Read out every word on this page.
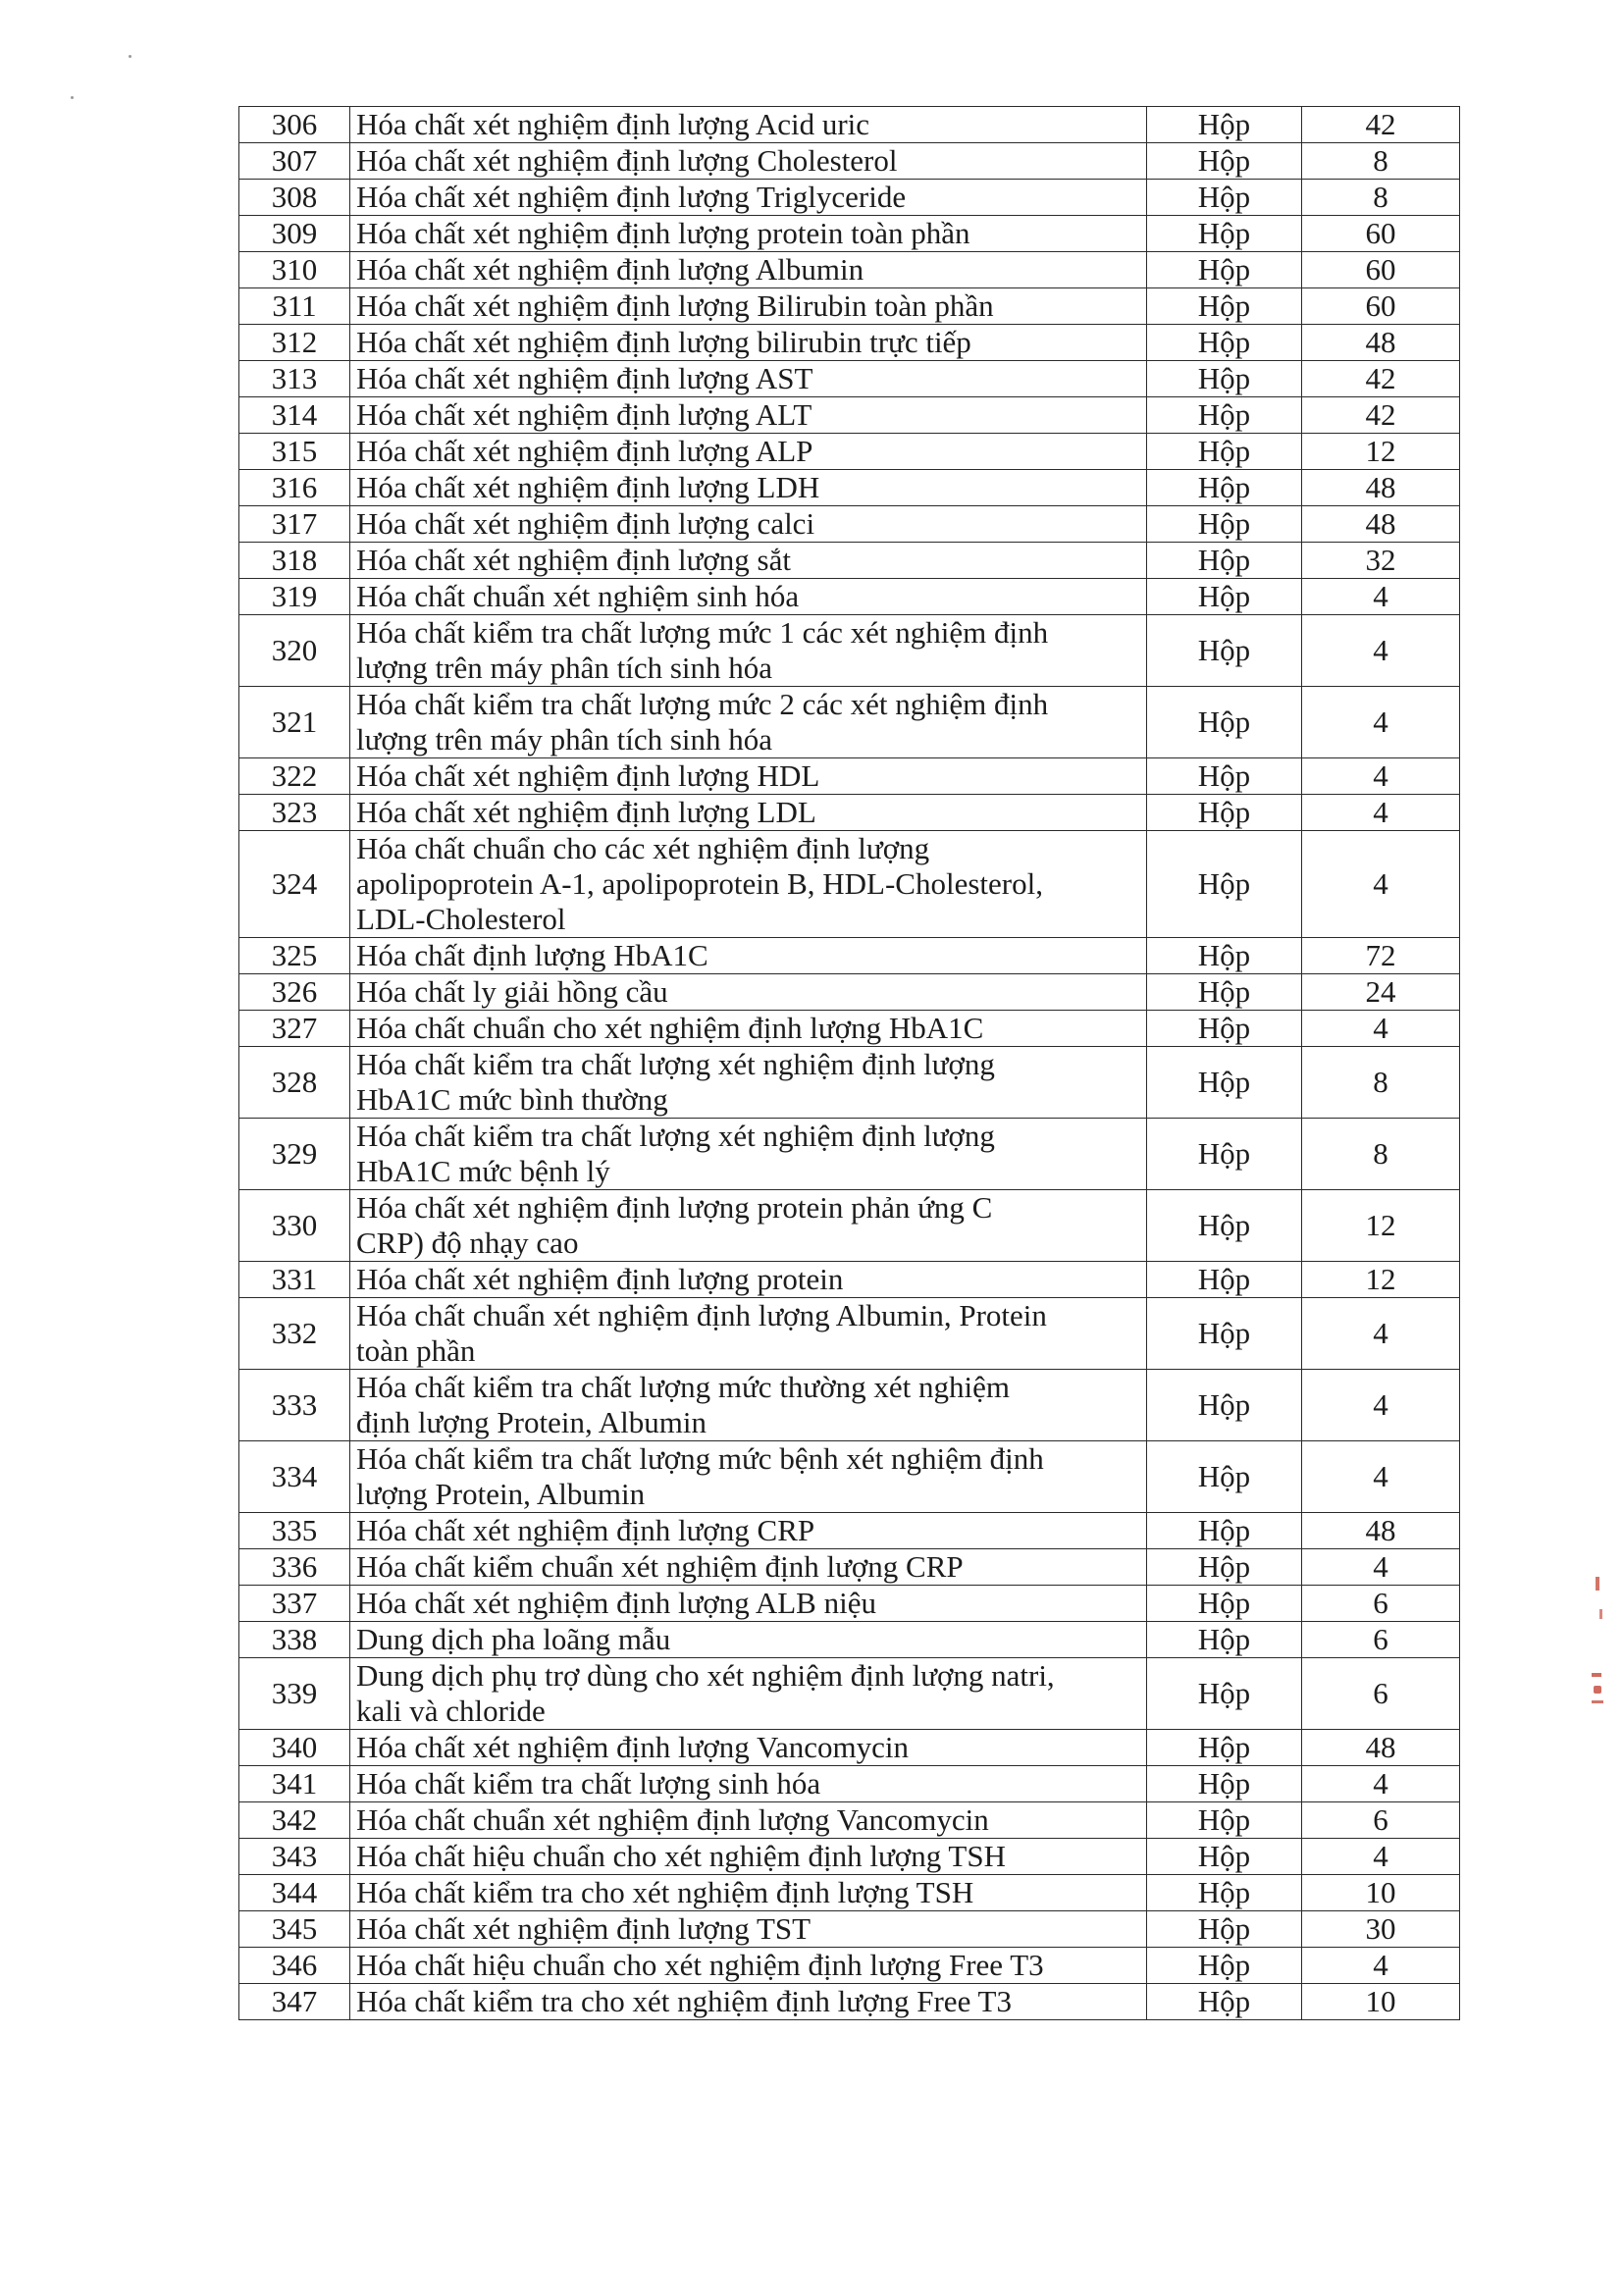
306	Hóa chất xét nghiệm định lượng Acid uric	Hộp	42
307	Hóa chất xét nghiệm định lượng Cholesterol	Hộp	8
308	Hóa chất xét nghiệm định lượng Triglyceride	Hộp	8
309	Hóa chất xét nghiệm định lượng protein toàn phần	Hộp	60
310	Hóa chất xét nghiệm định lượng Albumin	Hộp	60
311	Hóa chất xét nghiệm định lượng Bilirubin toàn phần	Hộp	60
312	Hóa chất xét nghiệm định lượng bilirubin trực tiếp	Hộp	48
313	Hóa chất xét nghiệm định lượng AST	Hộp	42
314	Hóa chất xét nghiệm định lượng ALT	Hộp	42
315	Hóa chất xét nghiệm định lượng ALP	Hộp	12
316	Hóa chất xét nghiệm định lượng LDH	Hộp	48
317	Hóa chất xét nghiệm định lượng calci	Hộp	48
318	Hóa chất xét nghiệm định lượng sắt	Hộp	32
319	Hóa chất chuẩn xét nghiệm sinh hóa	Hộp	4
320	Hóa chất kiểm tra chất lượng mức 1 các xét nghiệm định
lượng trên máy phân tích sinh hóa	Hộp	4
321	Hóa chất kiểm tra chất lượng mức 2 các xét nghiệm định
lượng trên máy phân tích sinh hóa	Hộp	4
322	Hóa chất xét nghiệm định lượng HDL	Hộp	4
323	Hóa chất xét nghiệm định lượng LDL	Hộp	4
324	Hóa chất chuẩn cho các xét nghiệm định lượng
apolipoprotein A-1, apolipoprotein B, HDL-Cholesterol,
LDL-Cholesterol	Hộp	4
325	Hóa chất định lượng HbA1C	Hộp	72
326	Hóa chất ly giải hồng cầu	Hộp	24
327	Hóa chất chuẩn cho xét nghiệm định lượng HbA1C	Hộp	4
328	Hóa chất kiểm tra chất lượng xét nghiệm định lượng
HbA1C mức bình thường	Hộp	8
329	Hóa chất kiểm tra chất lượng xét nghiệm định lượng
HbA1C mức bệnh lý	Hộp	8
330	Hóa chất xét nghiệm định lượng protein phản ứng C
CRP) độ nhạy cao	Hộp	12
331	Hóa chất xét nghiệm định lượng protein	Hộp	12
332	Hóa chất chuẩn xét nghiệm định lượng Albumin, Protein
toàn phần	Hộp	4
333	Hóa chất kiểm tra chất lượng mức thường xét nghiệm
định lượng Protein, Albumin	Hộp	4
334	Hóa chất kiểm tra chất lượng mức bệnh xét nghiệm định
lượng Protein, Albumin	Hộp	4
335	Hóa chất xét nghiệm định lượng CRP	Hộp	48
336	Hóa chất kiểm chuẩn xét nghiệm định lượng CRP	Hộp	4
337	Hóa chất xét nghiệm định lượng ALB niệu	Hộp	6
338	Dung dịch pha loãng mẫu	Hộp	6
339	Dung dịch phụ trợ dùng cho xét nghiệm định lượng natri,
kali và chloride	Hộp	6
340	Hóa chất xét nghiệm định lượng Vancomycin	Hộp	48
341	Hóa chất kiểm tra chất lượng sinh hóa	Hộp	4
342	Hóa chất chuẩn xét nghiệm định lượng Vancomycin	Hộp	6
343	Hóa chất hiệu chuẩn cho xét nghiệm định lượng TSH	Hộp	4
344	Hóa chất kiểm tra cho xét nghiệm định lượng TSH	Hộp	10
345	Hóa chất xét nghiệm định lượng TST	Hộp	30
346	Hóa chất hiệu chuẩn cho xét nghiệm định lượng Free T3	Hộp	4
347	Hóa chất kiểm tra cho xét nghiệm định lượng Free T3	Hộp	10
